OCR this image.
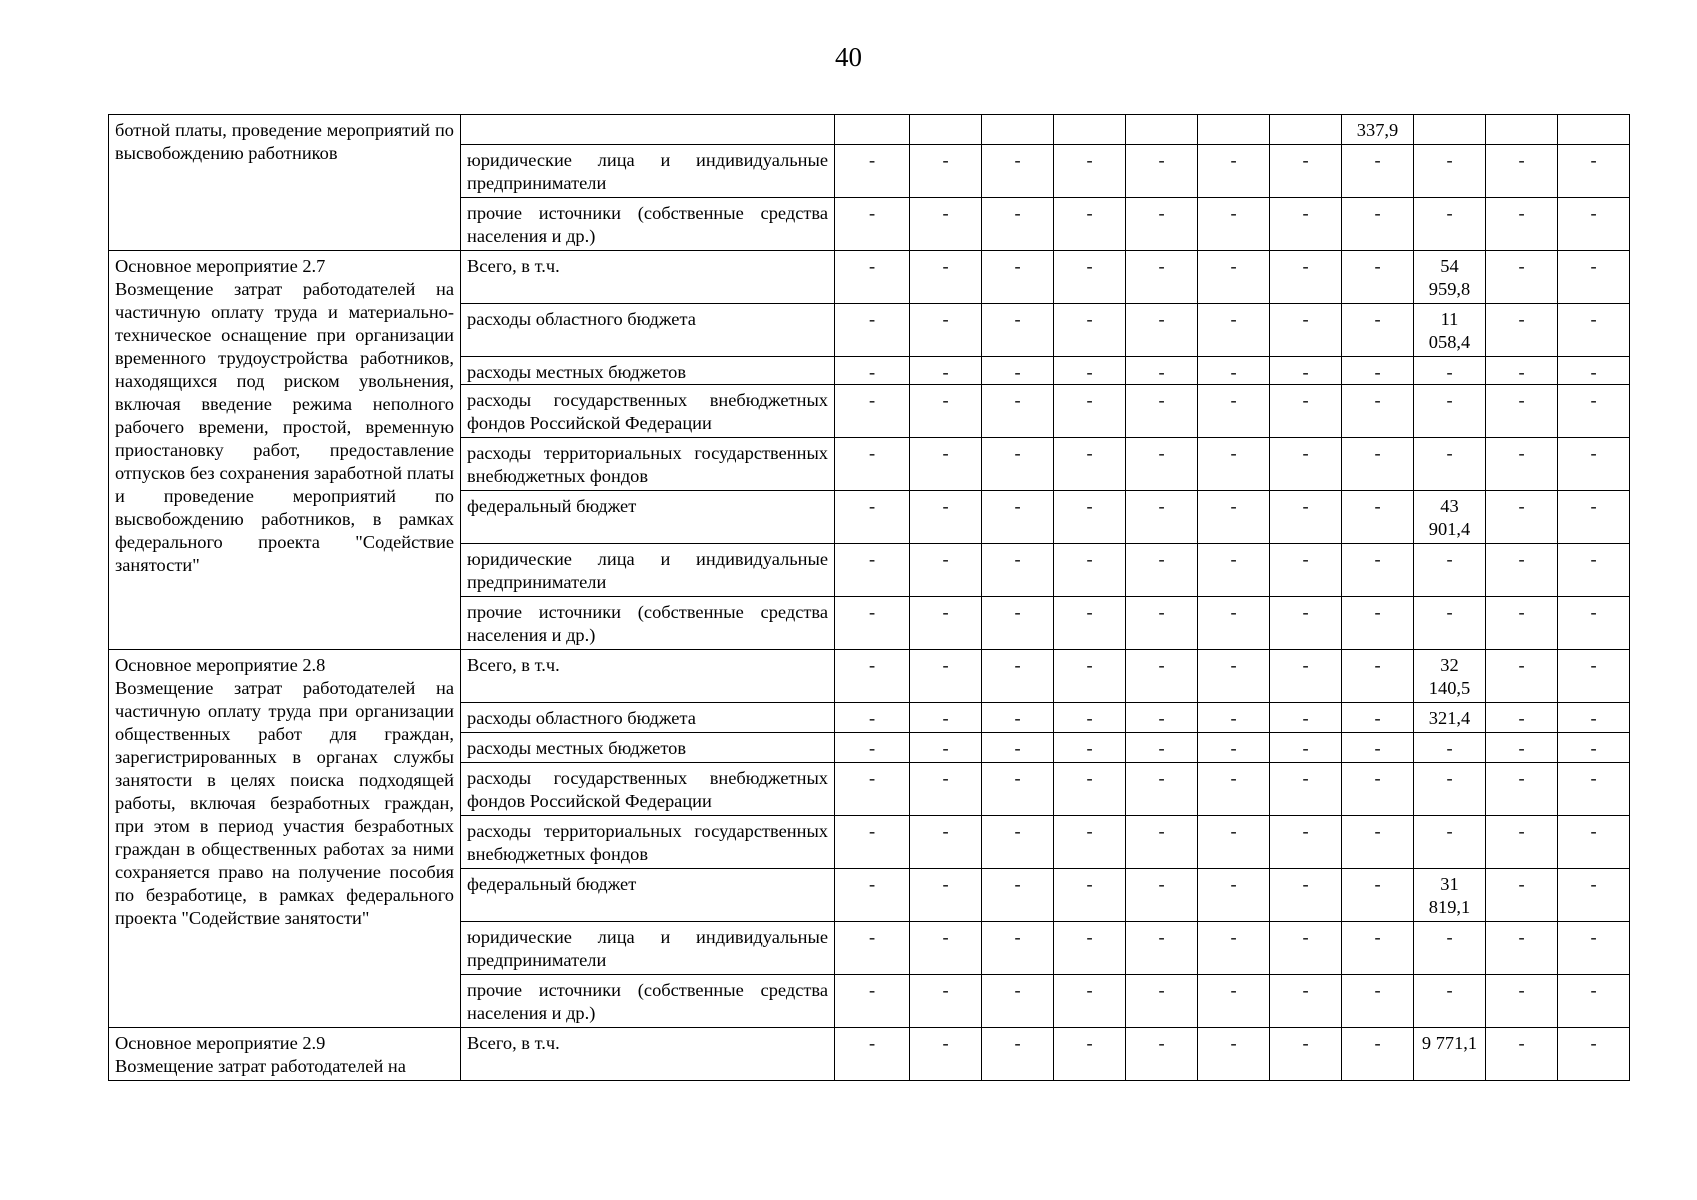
40
ботной платы, проведение мероприятий по высвобождению работников									337,9			
	юридические лица и индивидуальные предприниматели	-	-	-	-	-	-	-	-	-	-	-
	прочие источники (собственные средства населения и др.)	-	-	-	-	-	-	-	-	-	-	-

Основное мероприятие 2.7
Возмещение затрат работодателей на частичную оплату труда и материально-техническое оснащение при организации временного трудоустройства работников, находящихся под риском увольнения, включая введение режима неполного рабочего времени, простой, временную приостановку работ, предоставление отпусков без сохранения заработной платы и проведение мероприятий по высвобождению работников, в рамках федерального проекта "Содействие занятости"	Всего, в т.ч.	-	-	-	-	-	-	-	-	54 959,8	-	-
	расходы областного бюджета	-	-	-	-	-	-	-	-	11 058,4	-	-
	расходы местных бюджетов	-	-	-	-	-	-	-	-	-	-	-
	расходы государственных внебюджетных фондов Российской Федерации	-	-	-	-	-	-	-	-	-	-	-
	расходы территориальных государственных внебюджетных фондов	-	-	-	-	-	-	-	-	-	-	-
	федеральный бюджет	-	-	-	-	-	-	-	-	43 901,4	-	-
	юридические лица и индивидуальные предприниматели	-	-	-	-	-	-	-	-	-	-	-
	прочие источники (собственные средства населения и др.)	-	-	-	-	-	-	-	-	-	-	-

Основное мероприятие 2.8
Возмещение затрат работодателей на частичную оплату труда при организации общественных работ для граждан, зарегистрированных в органах службы занятости в целях поиска подходящей работы, включая безработных граждан, при этом в период участия безработных граждан в общественных работах за ними сохраняется право на получение пособия по безработице, в рамках федерального проекта "Содействие занятости"	Всего, в т.ч.	-	-	-	-	-	-	-	-	32 140,5	-	-
	расходы областного бюджета	-	-	-	-	-	-	-	-	321,4	-	-
	расходы местных бюджетов	-	-	-	-	-	-	-	-	-	-	-
	расходы государственных внебюджетных фондов Российской Федерации	-	-	-	-	-	-	-	-	-	-	-
	расходы территориальных государственных внебюджетных фондов	-	-	-	-	-	-	-	-	-	-	-
	федеральный бюджет	-	-	-	-	-	-	-	-	31 819,1	-	-
	юридические лица и индивидуальные предприниматели	-	-	-	-	-	-	-	-	-	-	-
	прочие источники (собственные средства населения и др.)	-	-	-	-	-	-	-	-	-	-	-

Основное мероприятие 2.9
Возмещение затрат работодателей на	Всего, в т.ч.	-	-	-	-	-	-	-	-	9 771,1	-	-
